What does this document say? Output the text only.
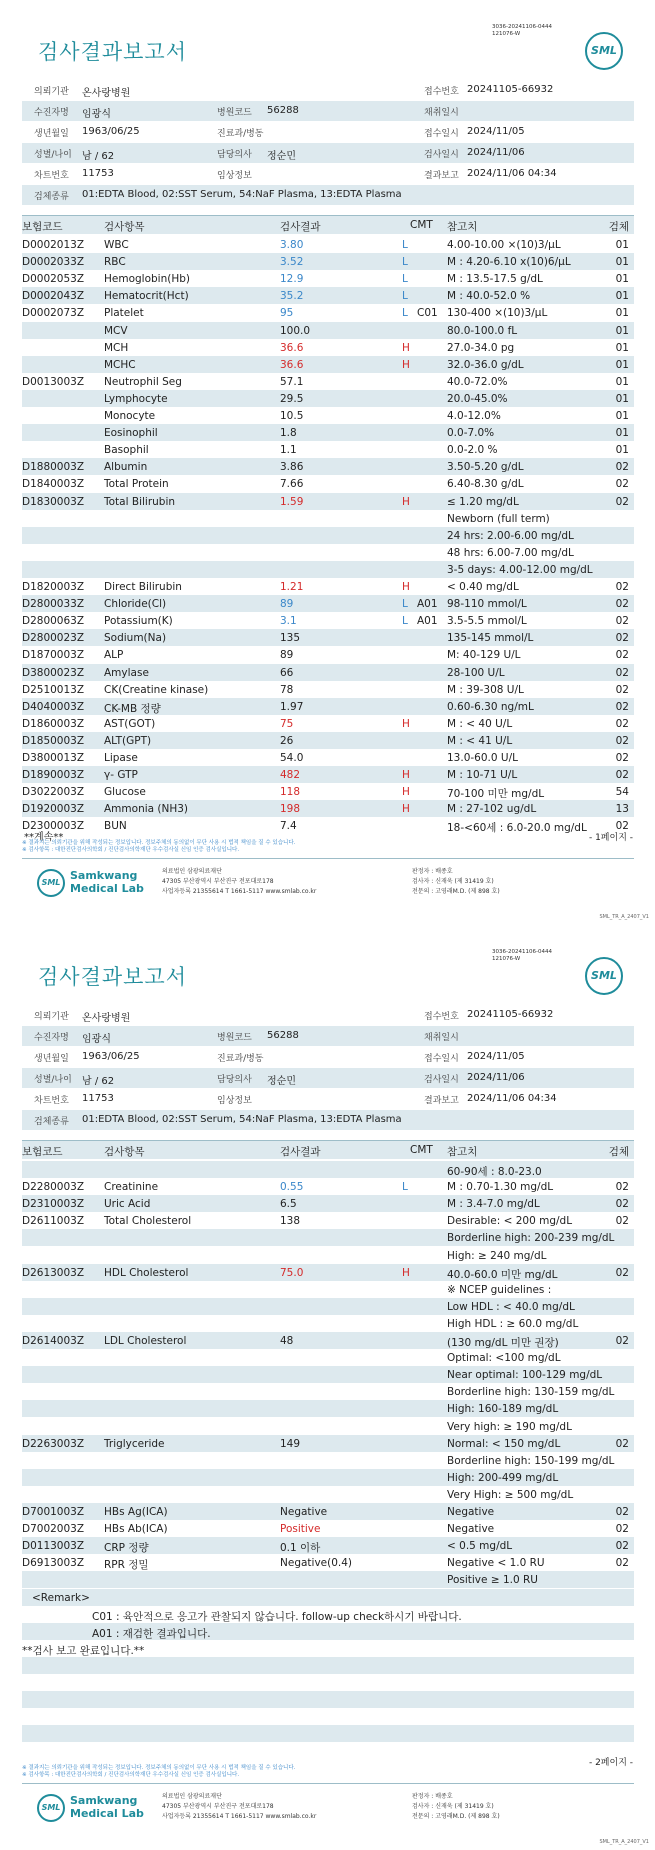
검사결과보고서
3036-20241106-0444
121076-W
SML
의뢰기관 온사랑병원	접수번호 20241105-66932
수진자명 임광식	병원코드 56288	채취일시
생년월일 1963/06/25	진료과/병동	접수일시 2024/11/05
성별/나이 남 / 62	담당의사 정순민	검사일시 2024/11/06
차트번호 11753	임상정보	결과보고 2024/11/06 04:34
검체종류 01:EDTA Blood, 02:SST Serum, 54:NaF Plasma, 13:EDTA Plasma
보험코드	검사항목	검사결과	CMT 참고치	검체
D0002013Z WBC	3.80	L	4.00-10.00 ×(10)3/μL	01
D0002033Z RBC	3.52	L	M : 4.20-6.10 x(10)6/μL	01
D0002053Z Hemoglobin(Hb)	12.9	L	M : 13.5-17.5 g/dL	01
D0002043Z Hematocrit(Hct)	35.2	L	M : 40.0-52.0 %	01
D0002073Z Platelet	95	L C01 130-400 ×(10)3/μL	01
MCV	100.0	80.0-100.0 fL	01
MCH	36.6	H	27.0-34.0 pg	01
MCHC	36.6	H	32.0-36.0 g/dL	01
D0013003Z Neutrophil Seg	57.1	40.0-72.0%	01
Lymphocyte	29.5	20.0-45.0%	01
Monocyte	10.5	4.0-12.0%	01
Eosinophil	1.8	0.0-7.0%	01
Basophil	1.1	0.0-2.0 %	01
D1880003Z Albumin	3.86	3.50-5.20 g/dL	02
D1840003Z Total Protein	7.66	6.40-8.30 g/dL	02
D1830003Z Total Bilirubin	1.59	H	≤ 1.20 mg/dL	02
Newborn (full term)
24 hrs: 2.00-6.00 mg/dL
48 hrs: 6.00-7.00 mg/dL
3-5 days: 4.00-12.00 mg/dL
D1820003Z Direct Bilirubin	1.21	H	< 0.40 mg/dL	02
D2800033Z Chloride(Cl)	89	L A01 98-110 mmol/L	02
D2800063Z Potassium(K)	3.1	L A01 3.5-5.5 mmol/L	02
D2800023Z Sodium(Na)	135	135-145 mmol/L	02
D1870003Z ALP	89	M: 40-129 U/L	02
D3800023Z Amylase	66	28-100 U/L	02
D2510013Z CK(Creatine kinase)	78	M : 39-308 U/L	02
D4040003Z CK-MB 정량	1.97	0.60-6.30 ng/mL	02
D1860003Z AST(GOT)	75	H	M : < 40 U/L	02
D1850003Z ALT(GPT)	26	M : < 41 U/L	02
D3800013Z Lipase	54.0	13.0-60.0 U/L	02
D1890003Z γ- GTP	482	H	M : 10-71 U/L	02
D3022003Z Glucose	118	H	70-100 미만 mg/dL	54
D1920003Z Ammonia (NH3)	198	H	M : 27-102 ug/dL	13
D2300003Z BUN	7.4	18-<60세 : 6.0-20.0 mg/dL	02
**계속**	- 1페이지 -
※ 결과지는 의뢰기관을 위해 작성되는 정보입니다. 정보주체의 동의없이 무단 사용 시 법적 책임을 질 수 있습니다.
※ 검사항목 : 대한진단검사의학회 / 진단검사의학재단 우수검사실 신임 인증 검사실입니다.
SML
Samkwang
Medical Lab
의료법인 삼광의료재단
47305 부산광역시 부산진구 전포대로178
사업자등록 21355614 T 1661-5117 www.smlab.co.kr
판정자 : 배종호
검사자 : 신재욱 (제 31419 호)
전문의 : 고영래M.D. (제 898 호)
SML_TR_A_2407_V1
검사결과보고서
3036-20241106-0444
121076-W
SML
의뢰기관 온사랑병원	접수번호 20241105-66932
수진자명 임광식	병원코드 56288	채취일시
생년월일 1963/06/25	진료과/병동	접수일시 2024/11/05
성별/나이 남 / 62	담당의사 정순민	검사일시 2024/11/06
차트번호 11753	임상정보	결과보고 2024/11/06 04:34
검체종류 01:EDTA Blood, 02:SST Serum, 54:NaF Plasma, 13:EDTA Plasma
보험코드	검사항목	검사결과	CMT 참고치	검체
60-90세 : 8.0-23.0
D2280003Z Creatinine	0.55	L	M : 0.70-1.30 mg/dL	02
D2310003Z Uric Acid	6.5	M : 3.4-7.0 mg/dL	02
D2611003Z Total Cholesterol	138	Desirable: < 200 mg/dL	02
Borderline high: 200-239 mg/dL
High: ≥ 240 mg/dL
D2613003Z HDL Cholesterol	75.0	H	40.0-60.0 미만 mg/dL	02
※ NCEP guidelines :
Low HDL : < 40.0 mg/dL
High HDL : ≥ 60.0 mg/dL
D2614003Z LDL Cholesterol	48	(130 mg/dL 미만 권장)	02
Optimal: <100 mg/dL
Near optimal: 100-129 mg/dL
Borderline high: 130-159 mg/dL
High: 160-189 mg/dL
Very high: ≥ 190 mg/dL
D2263003Z Triglyceride	149	Normal: < 150 mg/dL	02
Borderline high: 150-199 mg/dL
High: 200-499 mg/dL
Very High: ≥ 500 mg/dL
D7001003Z HBs Ag(ICA)	Negative	Negative	02
D7002003Z HBs Ab(ICA)	Positive	Negative	02
D0113003Z CRP 정량	0.1 이하	< 0.5 mg/dL	02
D6913003Z RPR 정밀	Negative(0.4)	Negative < 1.0 RU	02
Positive ≥ 1.0 RU
<Remark>
C01 : 육안적으로 응고가 관찰되지 않습니다. follow-up check하시기 바랍니다.
A01 : 재검한 결과입니다.
**검사 보고 완료입니다.**
- 2페이지 -
※ 결과지는 의뢰기관을 위해 작성되는 정보입니다. 정보주체의 동의없이 무단 사용 시 법적 책임을 질 수 있습니다.
※ 검사항목 : 대한진단검사의학회 / 진단검사의학재단 우수검사실 신임 인증 검사실입니다.
SML
Samkwang
Medical Lab
의료법인 삼광의료재단
47305 부산광역시 부산진구 전포대로178
사업자등록 21355614 T 1661-5117 www.smlab.co.kr
판정자 : 배종호
검사자 : 신재욱 (제 31419 호)
전문의 : 고영래M.D. (제 898 호)
SML_TR_A_2407_V1
